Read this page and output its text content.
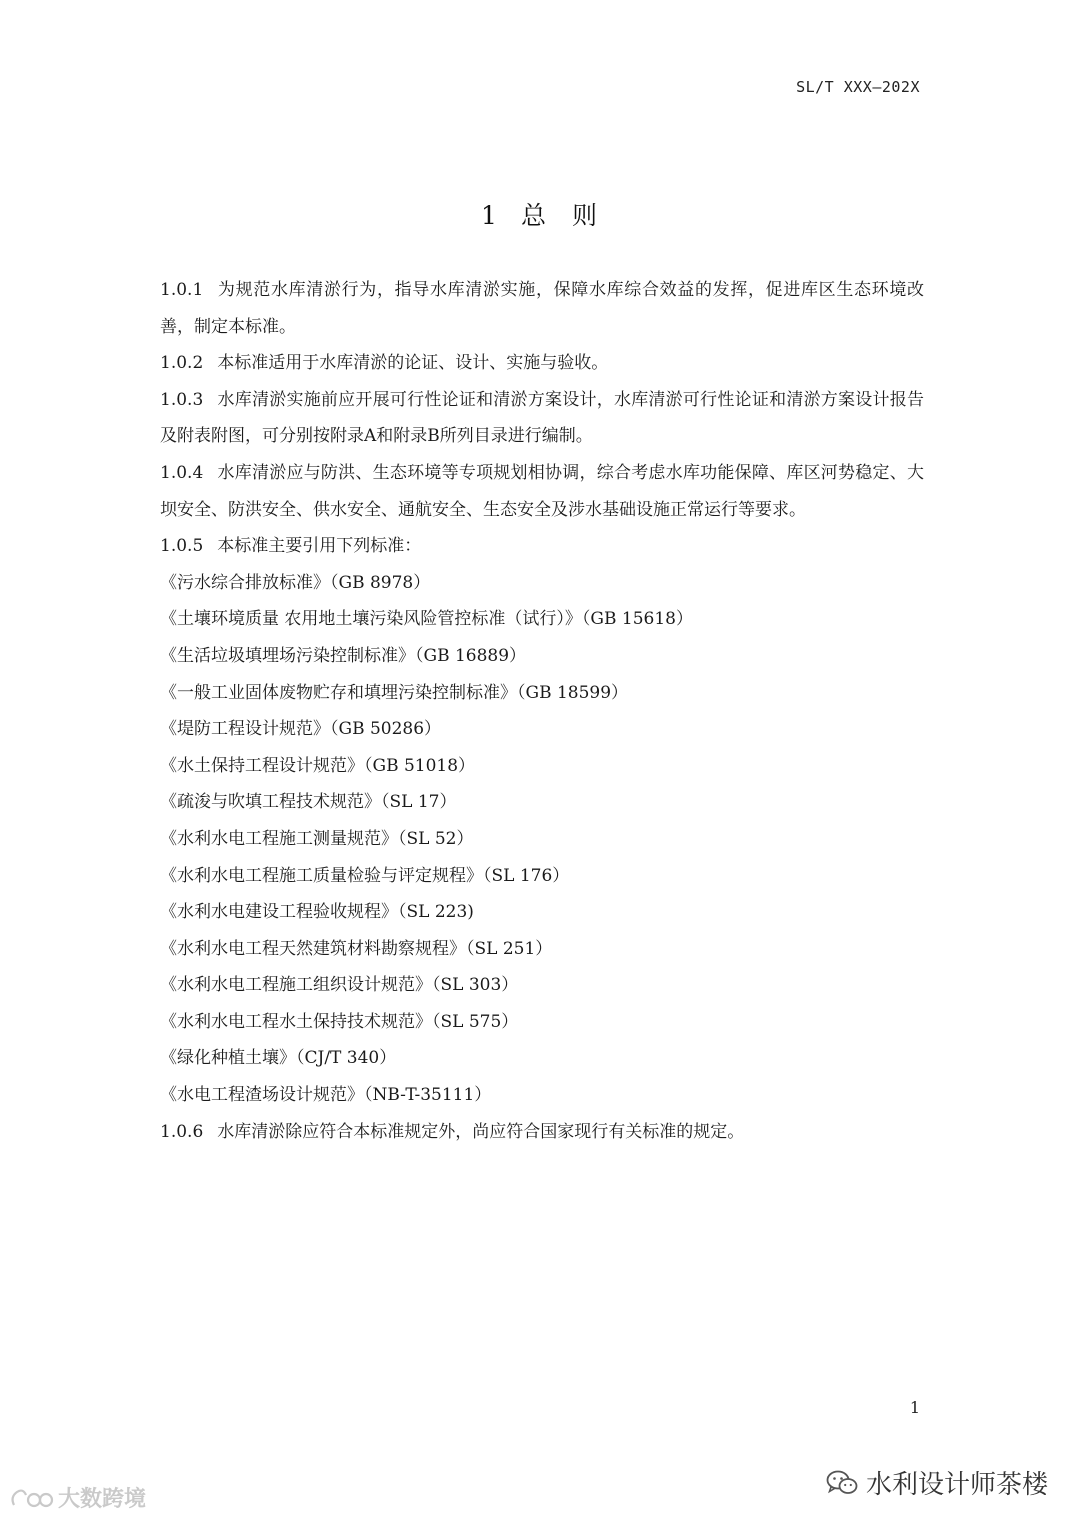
SL/T XXX—202X
1 总 则

1.0.1 为规范水库清淤行为，指导水库清淤实施，保障水库综合效益的发挥，促进库区生态环境改善，制定本标准。

1.0.2 本标准适用于水库清淤的论证、设计、实施与验收。

1.0.3 水库清淤实施前应开展可行性论证和清淤方案设计，水库清淤可行性论证和清淤方案设计报告及附表附图，可分别按附录A和附录B所列目录进行编制。

1.0.4 水库清淤应与防洪、生态环境等专项规划相协调，综合考虑水库功能保障、库区河势稳定、大坝安全、防洪安全、供水安全、通航安全、生态安全及涉水基础设施正常运行等要求。

1.0.5 本标准主要引用下列标准：

《污水综合排放标准》（GB 8978）

《土壤环境质量 农用地土壤污染风险管控标准（试行）》（GB 15618）

《生活垃圾填埋场污染控制标准》（GB 16889）

《一般工业固体废物贮存和填埋污染控制标准》（GB 18599）

《堤防工程设计规范》（GB 50286）

《水土保持工程设计规范》（GB 51018）

《疏浚与吹填工程技术规范》（SL 17）

《水利水电工程施工测量规范》（SL 52）

《水利水电工程施工质量检验与评定规程》（SL 176）

《水利水电建设工程验收规程》（SL 223)

《水利水电工程天然建筑材料勘察规程》（SL 251）

《水利水电工程施工组织设计规范》（SL 303）

《水利水电工程水土保持技术规范》（SL 575）

《绿化种植土壤》（CJ/T 340）

《水电工程渣场设计规范》（NB-T-35111）

1.0.6 水库清淤除应符合本标准规定外，尚应符合国家现行有关标准的规定。

1
水利设计师茶楼
大数跨境
